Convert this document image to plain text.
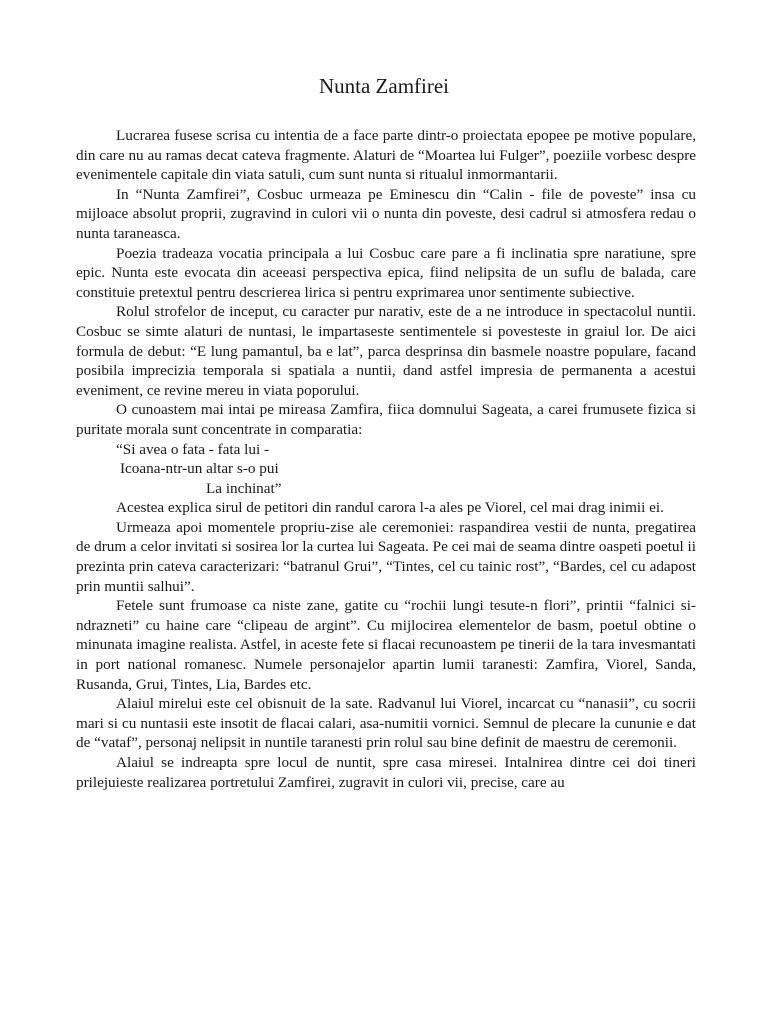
Nunta Zamfirei

Lucrarea fusese scrisa cu intentia de a face parte dintr-o proiectata epopee pe motive populare, din care nu au ramas decat cateva fragmente. Alaturi de “Moartea lui Fulger”, poeziile vorbesc despre evenimentele capitale din viata satuli, cum sunt nunta si ritualul inmormantarii.

In “Nunta Zamfirei”, Cosbuc urmeaza pe Eminescu din “Calin - file de poveste” insa cu mijloace absolut proprii, zugravind in culori vii o nunta din poveste, desi cadrul si atmosfera redau o nunta taraneasca.

Poezia tradeaza vocatia principala a lui Cosbuc care pare a fi inclinatia spre naratiune, spre epic. Nunta este evocata din aceeasi perspectiva epica, fiind nelipsita de un suflu de balada, care constituie pretextul pentru descrierea lirica si pentru exprimarea unor sentimente subiective.

Rolul strofelor de inceput, cu caracter pur narativ, este de a ne introduce in spectacolul nuntii. Cosbuc se simte alaturi de nuntasi, le impartaseste sentimentele si povesteste in graiul lor. De aici formula de debut: “E lung pamantul, ba e lat”, parca desprinsa din basmele noastre populare, facand posibila imprecizia temporala si spatiala a nuntii, dand astfel impresia de permanenta a acestui eveniment, ce revine mereu in viata poporului.

O cunoastem mai intai pe mireasa Zamfira, fiica domnului Sageata, a carei frumusete fizica si puritate morala sunt concentrate in comparatia:

“Si avea o fata - fata lui -

Icoana-ntr-un altar s-o pui

La inchinat”

Acestea explica sirul de petitori din randul carora l-a ales pe Viorel, cel mai drag inimii ei.

Urmeaza apoi momentele propriu-zise ale ceremoniei: raspandirea vestii de nunta, pregatirea de drum a celor invitati si sosirea lor la curtea lui Sageata. Pe cei mai de seama dintre oaspeti poetul ii prezinta prin cateva caracterizari: “batranul Grui”, “Tintes, cel cu tainic rost”, “Bardes, cel cu adapost prin muntii salhui”.

Fetele sunt frumoase ca niste zane, gatite cu “rochii lungi tesute-n flori”, printii “falnici si-ndrazneti” cu haine care “clipeau de argint”. Cu mijlocirea elementelor de basm, poetul obtine o minunata imagine realista. Astfel, in aceste fete si flacai recunoastem pe tinerii de la tara invesmantati in port national romanesc. Numele personajelor apartin lumii taranesti: Zamfira, Viorel, Sanda, Rusanda, Grui, Tintes, Lia, Bardes etc.

Alaiul mirelui este cel obisnuit de la sate. Radvanul lui Viorel, incarcat cu “nanasii”, cu socrii mari si cu nuntasii este insotit de flacai calari, asa-numitii vornici. Semnul de plecare la cununie e dat de “vataf”, personaj nelipsit in nuntile taranesti prin rolul sau bine definit de maestru de ceremonii.

Alaiul se indreapta spre locul de nuntit, spre casa miresei. Intalnirea dintre cei doi tineri prilejuieste realizarea portretului Zamfirei, zugravit in culori vii, precise, care au
